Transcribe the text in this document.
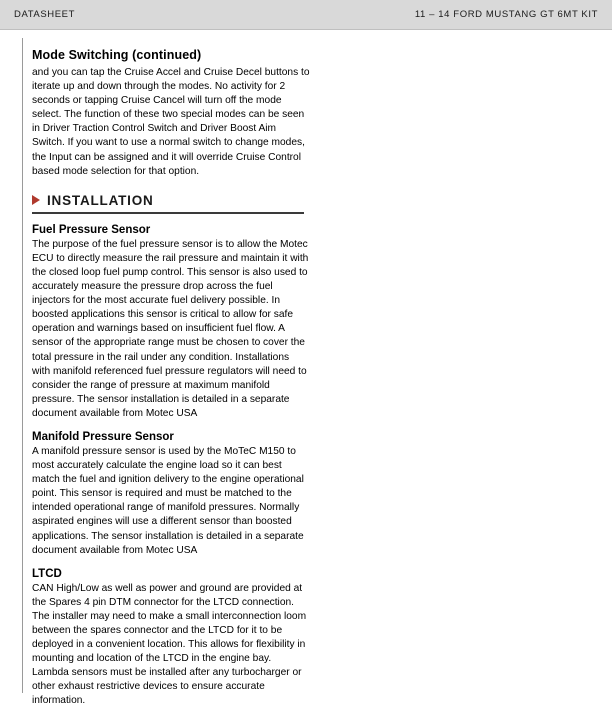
DATASHEET	11 – 14 FORD MUSTANG GT 6MT KIT
Mode Switching (continued)

and you can tap the Cruise Accel and Cruise Decel buttons to iterate up and down through the modes. No activity for 2 seconds or tapping Cruise Cancel will turn off the mode select. The function of these two special modes can be seen in Driver Traction Control Switch and Driver Boost Aim Switch. If you want to use a normal switch to change modes, the Input can be assigned and it will override Cruise Control based mode selection for that option.

INSTALLATION
Fuel Pressure Sensor

The purpose of the fuel pressure sensor is to allow the Motec ECU to directly measure the rail pressure and maintain it with the closed loop fuel pump control. This sensor is also used to accurately measure the pressure drop across the fuel injectors for the most accurate fuel delivery possible. In boosted applications this sensor is critical to allow for safe operation and warnings based on insufficient fuel flow. A sensor of the appropriate range must be chosen to cover the total pressure in the rail under any condition. Installations with manifold referenced fuel pressure regulators will need to consider the range of pressure at maximum manifold pressure. The sensor installation is detailed in a separate document available from Motec USA

Manifold Pressure Sensor

A manifold pressure sensor is used by the MoTeC M150 to most accurately calculate the engine load so it can best match the fuel and ignition delivery to the engine operational point. This sensor is required and must be matched to the intended operational range of manifold pressures. Normally aspirated engines will use a different sensor than boosted applications. The sensor installation is detailed in a separate document available from Motec USA

LTCD

CAN High/Low as well as power and ground are provided at the Spares 4 pin DTM connector for the LTCD connection. The installer may need to make a small interconnection loom between the spares connector and the LTCD for it to be deployed in a convenient location. This allows for flexibility in mounting and location of the LTCD in the engine bay. Lambda sensors must be installed after any turbocharger or other exhaust restrictive devices to ensure accurate information.
